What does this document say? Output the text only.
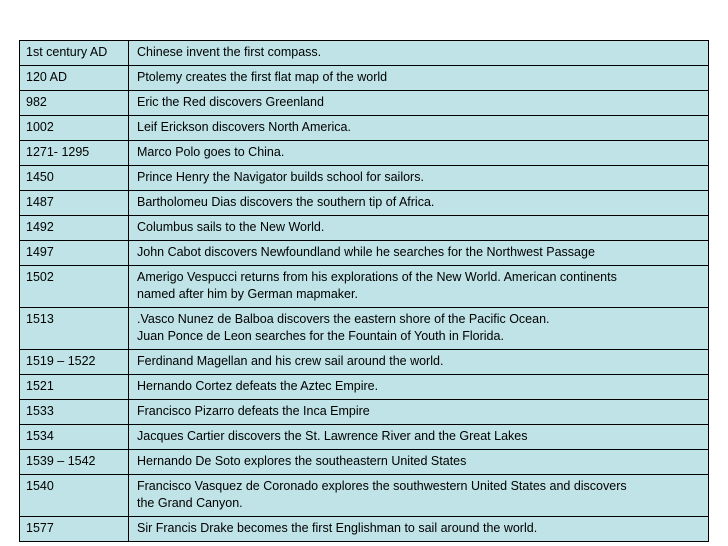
1st century AD	Chinese invent the first compass.

120 AD	Ptolemy creates the first flat map of the world

982	Eric the Red discovers Greenland

1002	Leif Erickson discovers North America.

1271- 1295	Marco Polo goes to China.

1450	Prince Henry the Navigator builds school for sailors.

1487	Bartholomeu Dias discovers the southern tip of Africa.

1492	Columbus sails to the New World.

1497	John Cabot discovers Newfoundland while he searches for the Northwest Passage

1502	Amerigo Vespucci returns from his explorations of the New World. American continents
named after him by German mapmaker.

1513	.Vasco Nunez de Balboa discovers the eastern shore of the Pacific Ocean.
Juan Ponce de Leon searches for the Fountain of Youth in Florida.

1519 – 1522	Ferdinand Magellan and his crew sail around the world.

1521	Hernando Cortez defeats the Aztec Empire.

1533	Francisco Pizarro defeats the Inca Empire

1534	Jacques Cartier discovers the St. Lawrence River and the Great Lakes

1539 – 1542	Hernando De Soto explores the southeastern United States

1540	Francisco Vasquez de Coronado explores the southwestern United States and discovers
the Grand Canyon.

1577	Sir Francis Drake becomes the first Englishman to sail around the world.
